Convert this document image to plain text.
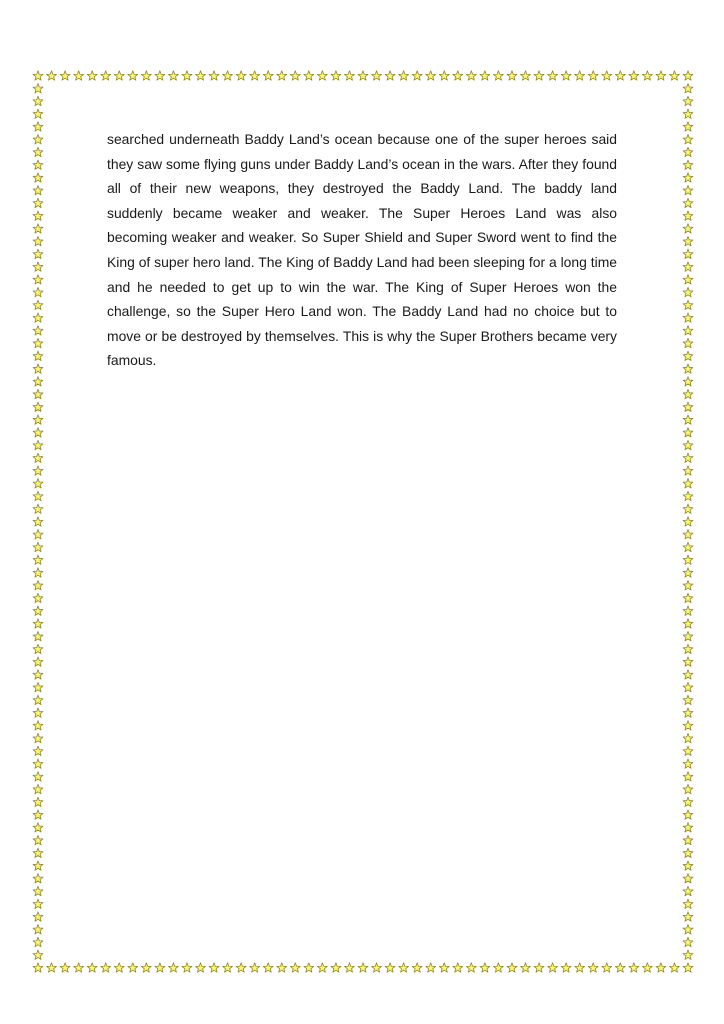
searched underneath Baddy Land’s ocean because one of the super heroes said they saw some flying guns under Baddy Land’s ocean in the wars. After they found all of their new weapons, they destroyed the Baddy Land. The baddy land suddenly became weaker and weaker. The Super Heroes Land was also becoming weaker and weaker. So Super Shield and Super Sword went to find the King of super hero land. The King of Baddy Land had been sleeping for a long time and he needed to get up to win the war. The King of Super Heroes won the challenge, so the Super Hero Land won. The Baddy Land had no choice but to move or be destroyed by themselves. This is why the Super Brothers became very famous.
